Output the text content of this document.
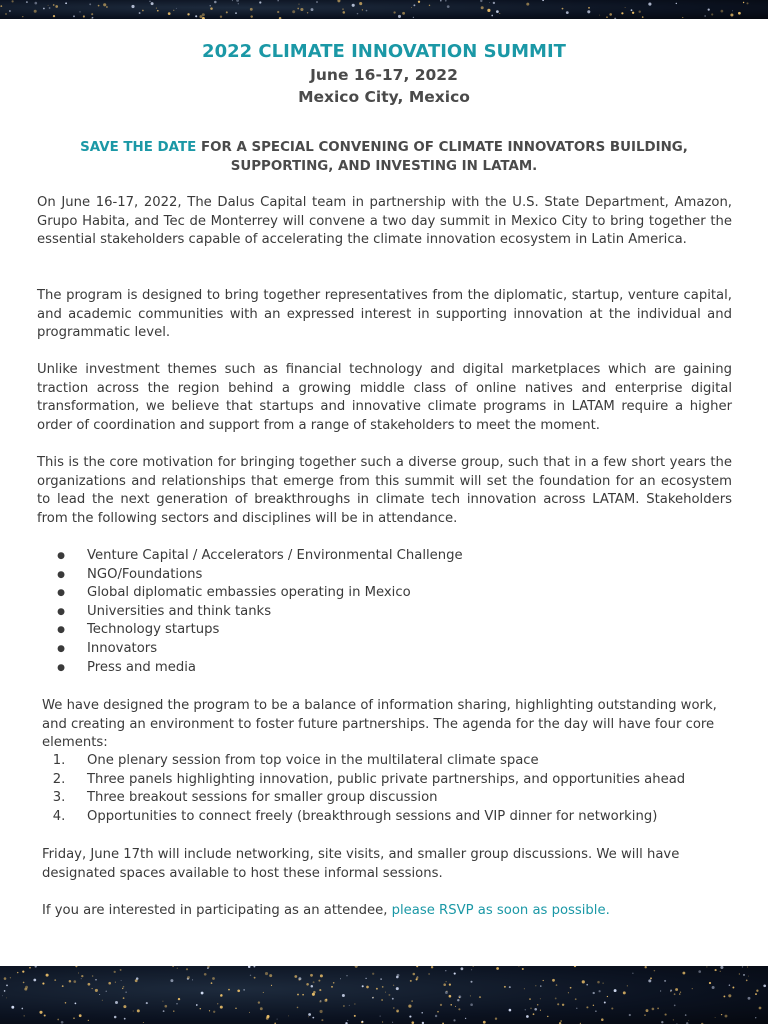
2022 CLIMATE INNOVATION SUMMIT
June 16-17, 2022
Mexico City, Mexico
SAVE THE DATE FOR A SPECIAL CONVENING OF CLIMATE INNOVATORS BUILDING, SUPPORTING, AND INVESTING IN LATAM.

On June 16-17, 2022, The Dalus Capital team in partnership with the U.S. State Department, Amazon, Grupo Habita, and Tec de Monterrey will convene a two day summit in Mexico City to bring together the essential stakeholders capable of accelerating the climate innovation ecosystem in Latin America.

The program is designed to bring together representatives from the diplomatic, startup, venture capital, and academic communities with an expressed interest in supporting innovation at the individual and programmatic level.

Unlike investment themes such as financial technology and digital marketplaces which are gaining traction across the region behind a growing middle class of online natives and enterprise digital transformation, we believe that startups and innovative climate programs in LATAM require a higher order of coordination and support from a range of stakeholders to meet the moment.

This is the core motivation for bringing together such a diverse group, such that in a few short years the organizations and relationships that emerge from this summit will set the foundation for an ecosystem to lead the next generation of breakthroughs in climate tech innovation across LATAM. Stakeholders from the following sectors and disciplines will be in attendance.

●	Venture Capital / Accelerators / Environmental Challenge
●	NGO/Foundations
●	Global diplomatic embassies operating in Mexico
●	Universities and think tanks
●	Technology startups
●	Innovators
●	Press and media

We have designed the program to be a balance of information sharing, highlighting outstanding work, and creating an environment to foster future partnerships. The agenda for the day will have four core elements:

1.	One plenary session from top voice in the multilateral climate space
2.	Three panels highlighting innovation, public private partnerships, and opportunities ahead
3.	Three breakout sessions for smaller group discussion
4.	Opportunities to connect freely (breakthrough sessions and VIP dinner for networking)

Friday, June 17th will include networking, site visits, and smaller group discussions. We will have designated spaces available to host these informal sessions.

If you are interested in participating as an attendee, please RSVP as soon as possible.
